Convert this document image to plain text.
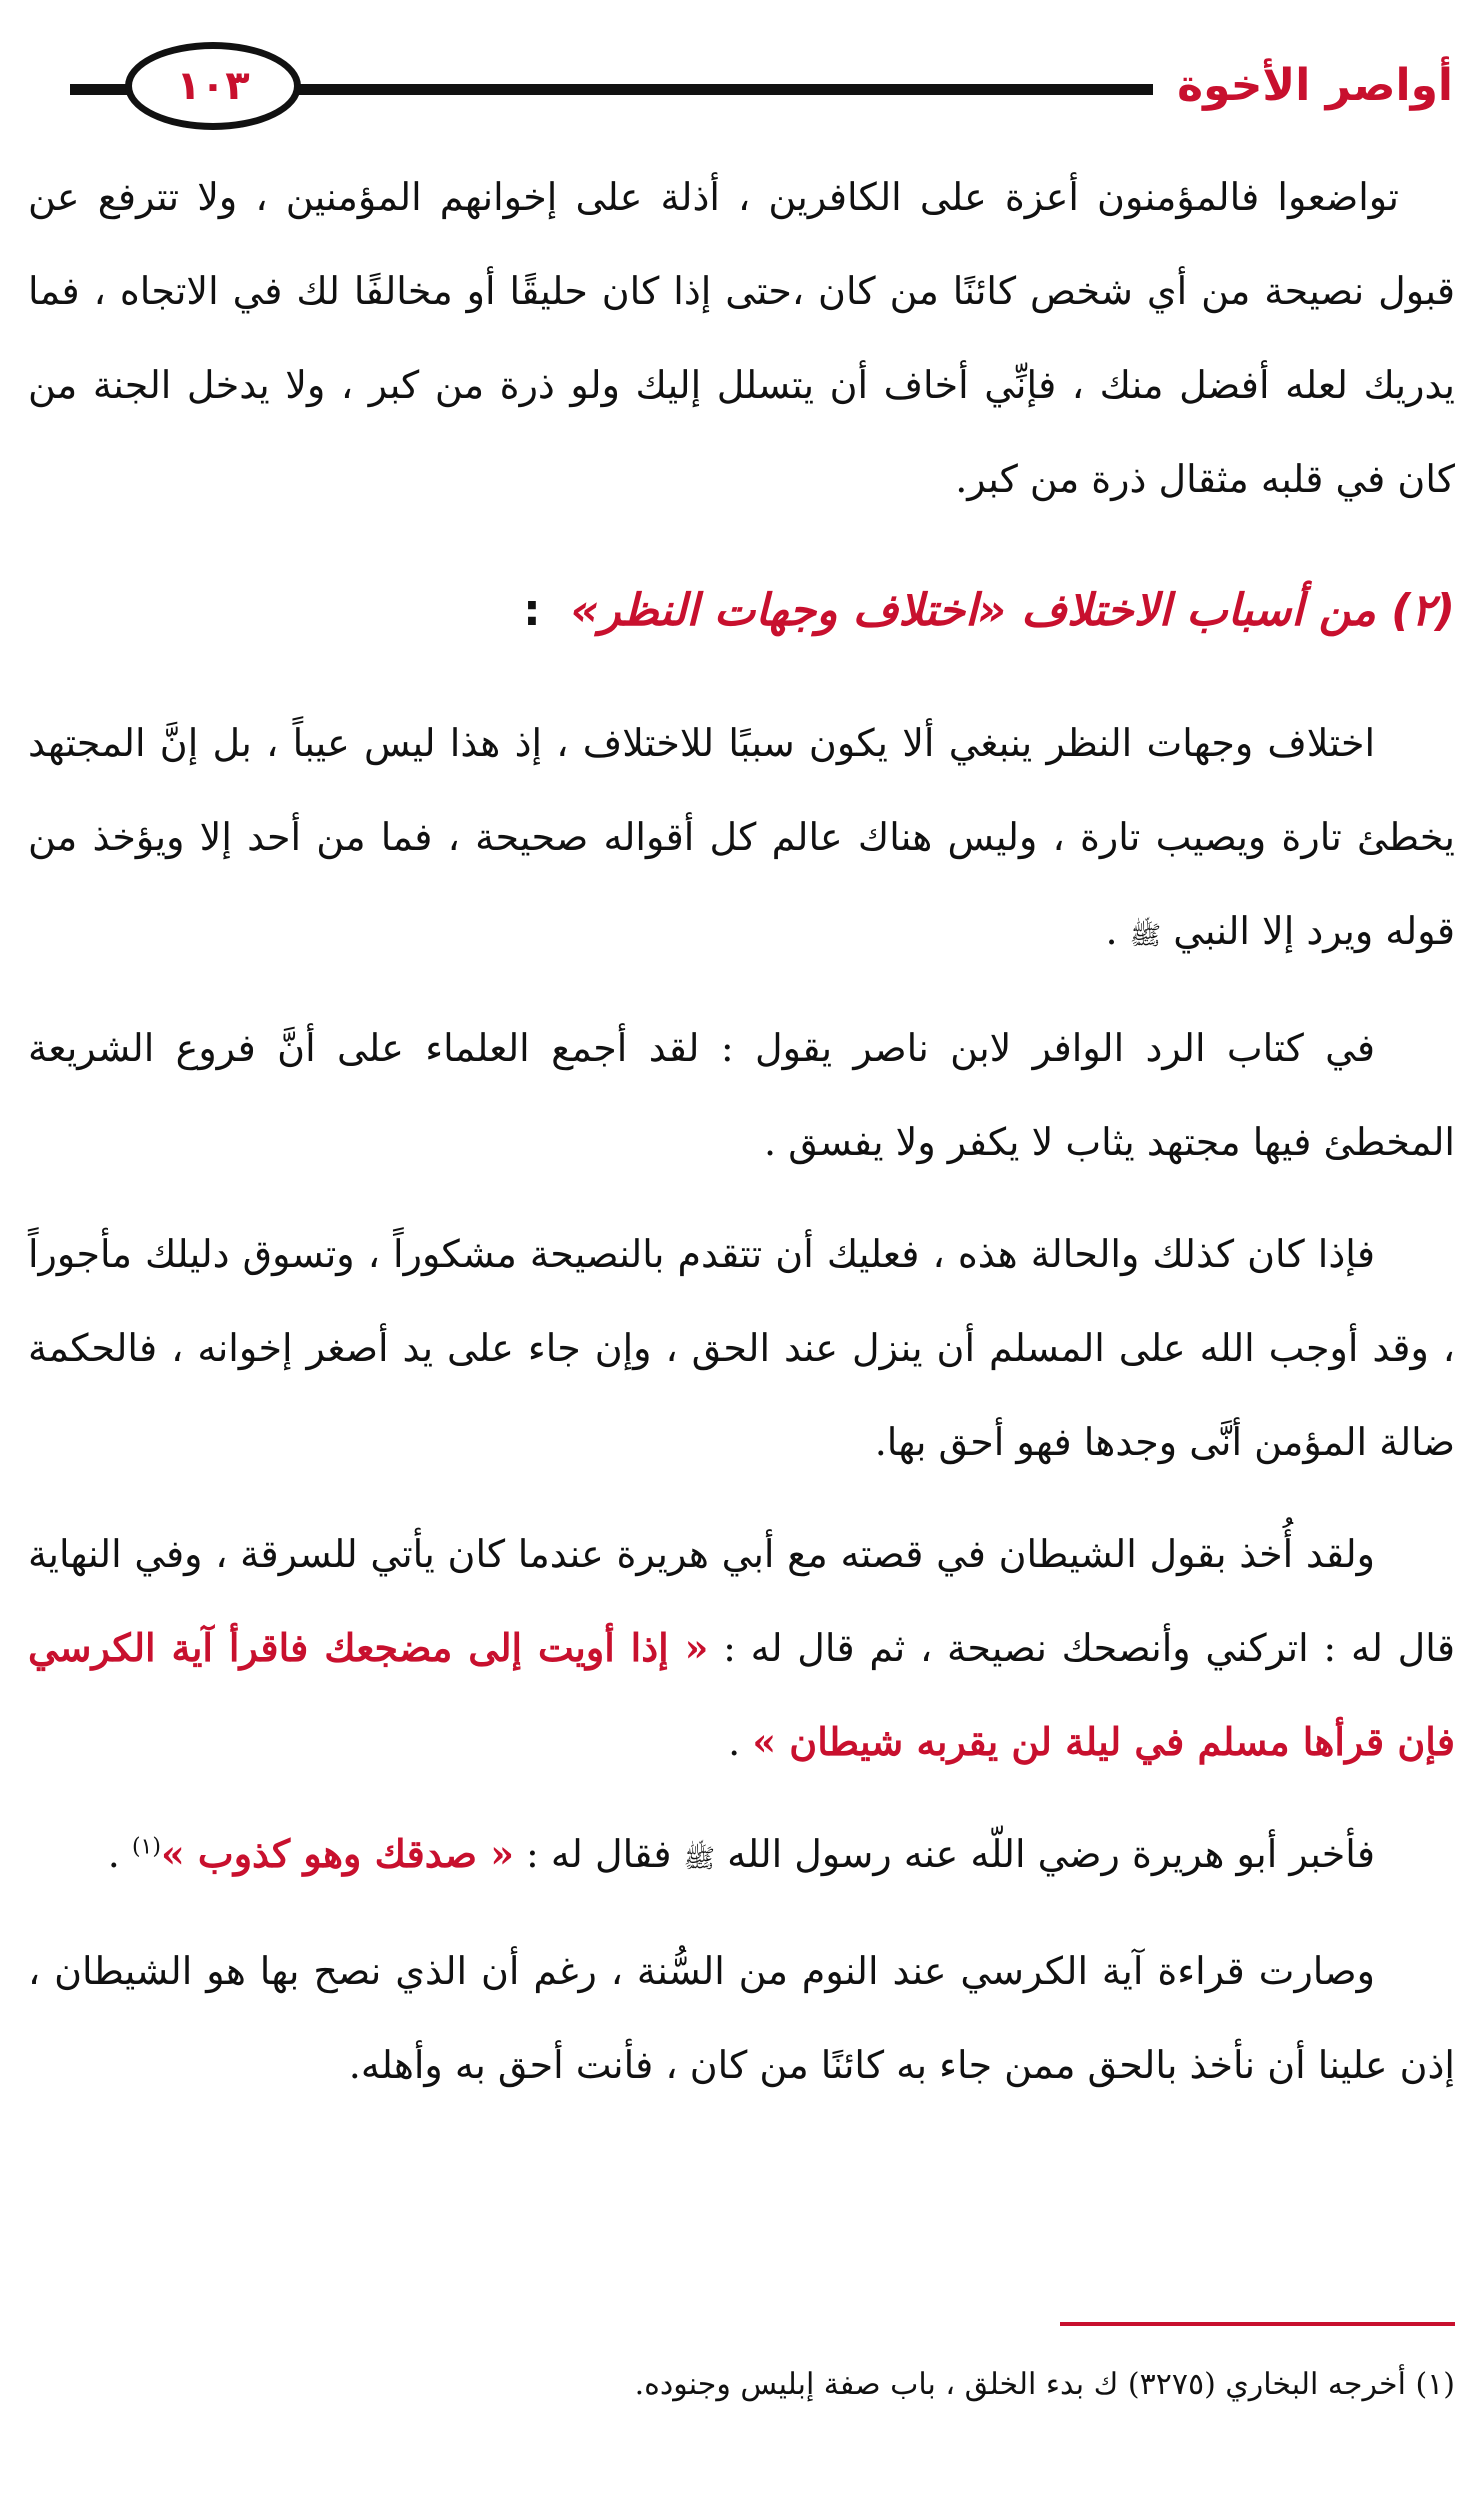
١٠٣	أواصر الأخوة

تواضعوا فالمؤمنون أعزة على الكافرين ، أذلة على إخوانهم المؤمنين ، ولا تترفع عن قبول نصيحة من أي شخص كائنًا من كان ،حتى إذا كان حليقًا أو مخالفًا لك في الاتجاه ، فما يدريك لعله أفضل منك ، فإنِّي أخاف أن يتسلل إليك ولو ذرة من كبر ، ولا يدخل الجنة من كان في قلبه مثقال ذرة من كبر.

(٢) من أسباب الاختلاف «اختلاف وجهات النظر»:

اختلاف وجهات النظر ينبغي ألا يكون سببًا للاختلاف ، إذ هذا ليس عيباً ، بل إنَّ المجتهد يخطئ تارة ويصيب تارة ، وليس هناك عالم كل أقواله صحيحة ، فما من أحد إلا ويؤخذ من قوله ويرد إلا النبي ﷺ .

في كتاب الرد الوافر لابن ناصر يقول : لقد أجمع العلماء على أنَّ فروع الشريعة المخطئ فيها مجتهد يثاب لا يكفر ولا يفسق .

فإذا كان كذلك والحالة هذه ، فعليك أن تتقدم بالنصيحة مشكوراً ، وتسوق دليلك مأجوراً ، وقد أوجب الله على المسلم أن ينزل عند الحق ، وإن جاء على يد أصغر إخوانه ، فالحكمة ضالة المؤمن أنَّى وجدها فهو أحق بها.

ولقد أُخذ بقول الشيطان في قصته مع أبي هريرة عندما كان يأتي للسرقة ، وفي النهاية قال له : اتركني وأنصحك نصيحة ، ثم قال له : « إذا أويت إلى مضجعك فاقرأ آية الكرسي فإن قرأها مسلم في ليلة لن يقربه شيطان » .

فأخبر أبو هريرة رضي اللّه عنه رسول الله ﷺ فقال له : « صدقك وهو كذوب »$^{(١)}$ .

وصارت قراءة آية الكرسي عند النوم من السُّنة ، رغم أن الذي نصح بها هو الشيطان ، إذن علينا أن نأخذ بالحق ممن جاء به كائنًا من كان ، فأنت أحق به وأهله.

(١) أخرجه البخاري (٣٢٧٥) ك بدء الخلق ، باب صفة إبليس وجنوده.
